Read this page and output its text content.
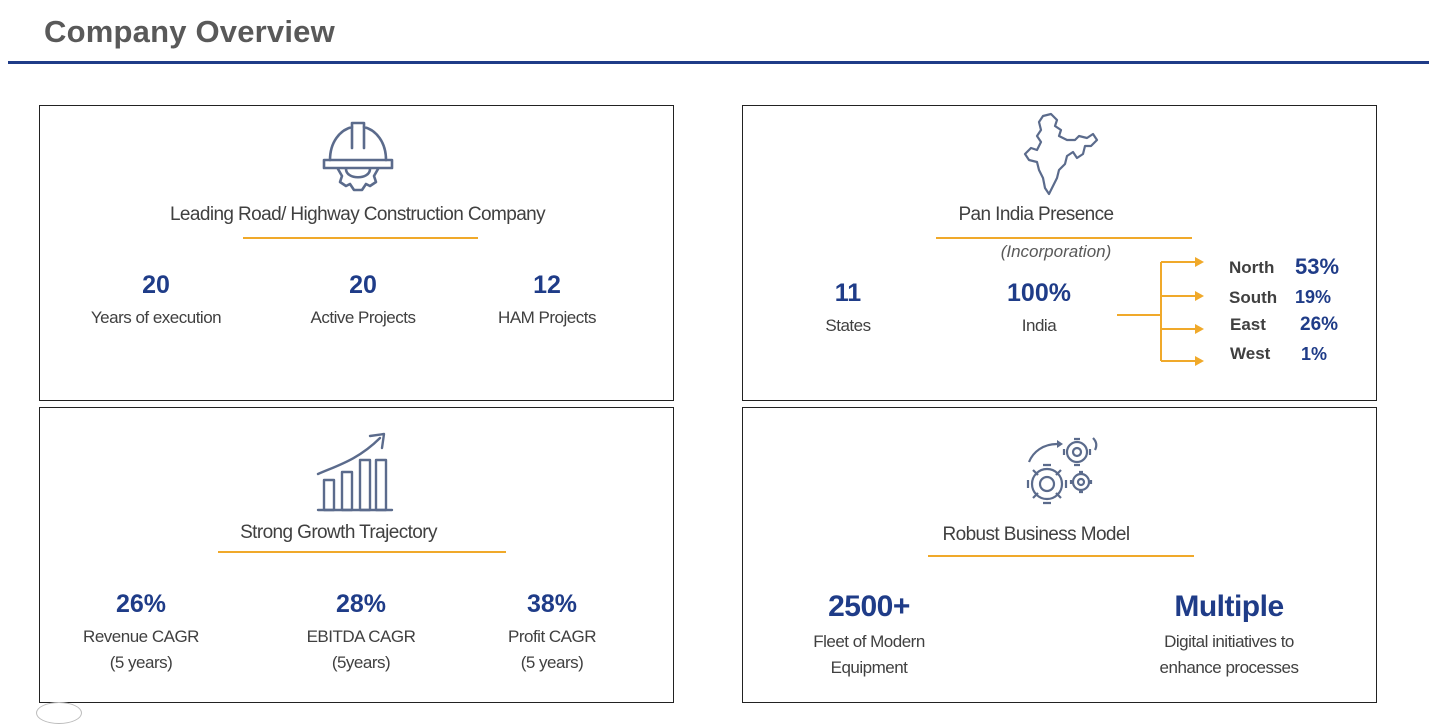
Company Overview
Leading Road/ Highway Construction Company
20
Years of execution
20
Active Projects
12
HAM Projects
Pan India Presence
(Incorporation)
11
States
100%
India
North 53%
South 19%
East 26%
West 1%
Strong Growth Trajectory
26%
Revenue CAGR
(5 years)
28%
EBITDA CAGR
(5years)
38%
Profit CAGR
(5 years)
Robust Business Model
2500+
Fleet of Modern
Equipment
Multiple
Digital initiatives to
enhance processes
